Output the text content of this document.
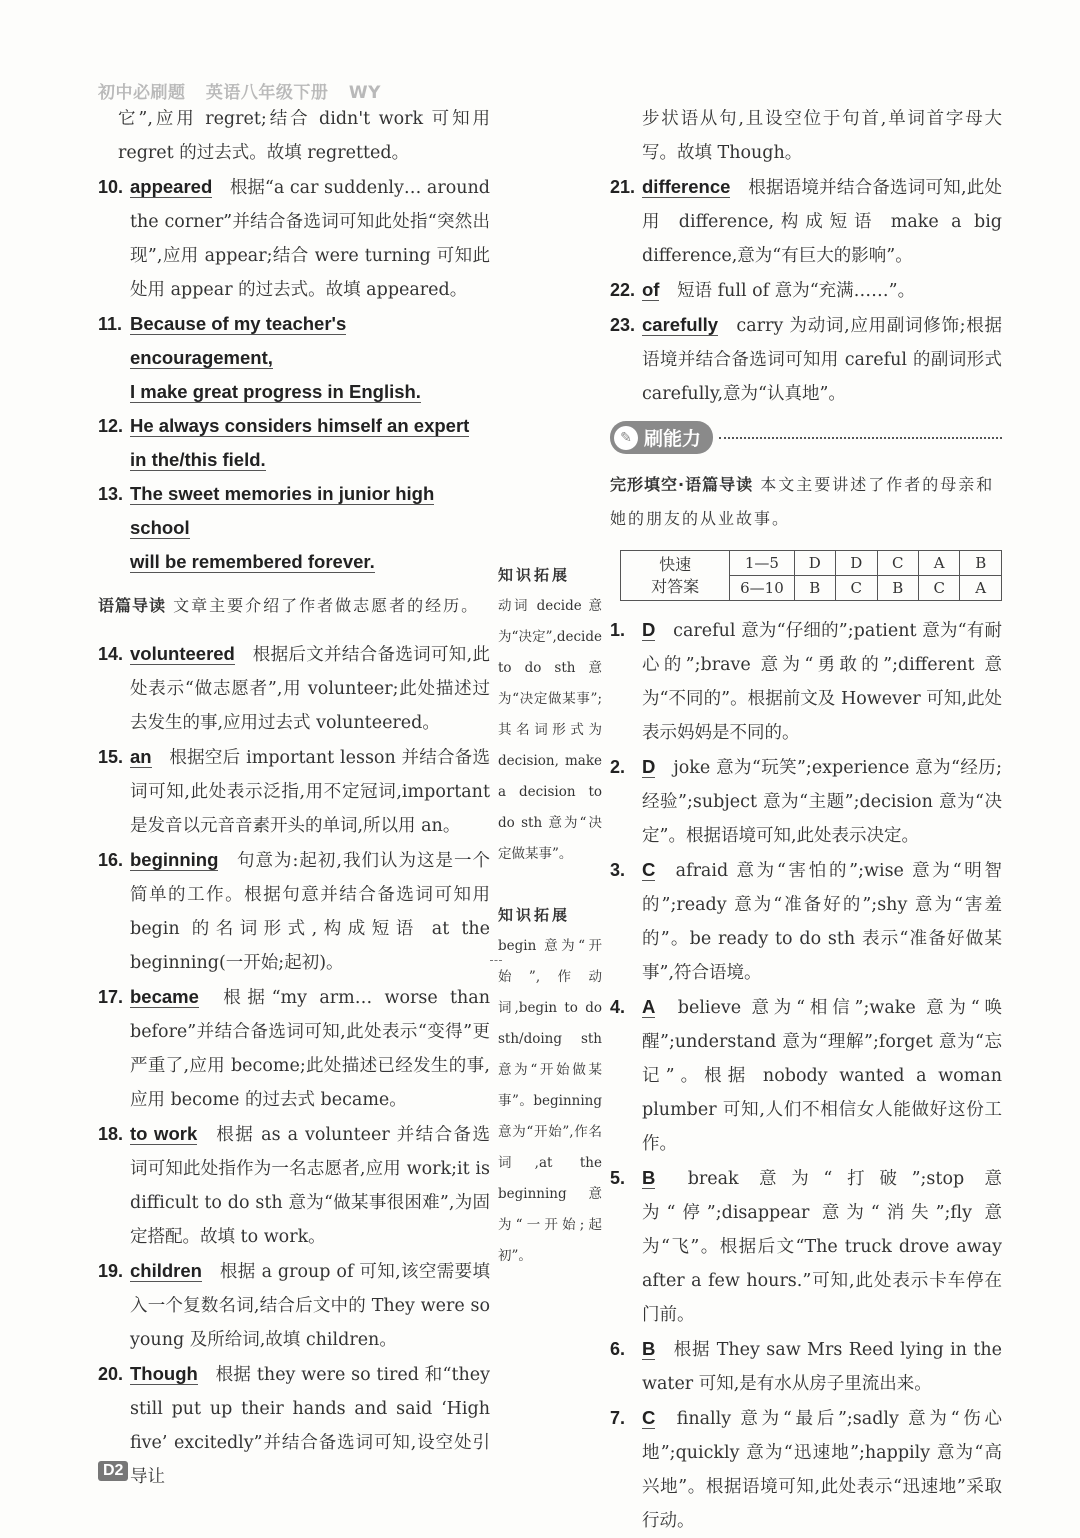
初中必刷题 英语八年级下册 WY
它”,应用 regret;结合 didn't work 可知用 regret 的过去式。故填 regretted。
10. appeared 根据“a car suddenly… around the corner”并结合备选词可知此处指“突然出现”,应用 appear;结合 were turning 可知此处用 appear 的过去式。故填 appeared。
11. Because of my teacher's encouragement,
I make great progress in English.
12. He always considers himself an expert
in the/this field.
13. The sweet memories in junior high school
will be remembered forever.
语篇导读 文章主要介绍了作者做志愿者的经历。
14. volunteered 根据后文并结合备选词可知,此处表示“做志愿者”,用 volunteer;此处描述过去发生的事,应用过去式 volunteered。
15. an 根据空后 important lesson 并结合备选词可知,此处表示泛指,用不定冠词,important 是发音以元音音素开头的单词,所以用 an。
16. beginning 句意为:起初,我们认为这是一个简单的工作。根据句意并结合备选词可知用 begin 的名词形式,构成短语 at the beginning(一开始;起初)。
17. became 根据“my arm… worse than before”并结合备选词可知,此处表示“变得”更严重了,应用 become;此处描述已经发生的事,应用 become 的过去式 became。
18. to work 根据 as a volunteer 并结合备选词可知此处指作为一名志愿者,应用 work;it is difficult to do sth 意为“做某事很困难”,为固定搭配。故填 to work。
19. children 根据 a group of 可知,该空需要填入一个复数名词,结合后文中的 They were so young 及所给词,故填 children。
20. Though 根据 they were so tired 和“they still put up their hands and said ‘High five’ excitedly”并结合备选词可知,设空处引导让
知识拓展
动词 decide 意为“决定”,decide to do sth 意为“决定做某事”;其名词形式为 decision, make a decision to do sth 意为“决定做某事”。
知识拓展
begin 意为“开始”,作动词,begin to do sth/doing sth 意为“开始做某事”。beginning 意为“开始”,作名词,at the beginning 意为“一开始;起初”。
步状语从句,且设空位于句首,单词首字母大写。故填 Though。
21. difference 根据语境并结合备选词可知,此处用 difference,构成短语 make a big difference,意为“有巨大的影响”。
22. of 短语 full of 意为“充满……”。
23. carefully carry 为动词,应用副词修饰;根据语境并结合备选词可知用 careful 的副词形式 carefully,意为“认真地”。
✎ 刷能力
完形填空·语篇导读 本文主要讲述了作者的母亲和她的朋友的从业故事。
快速
对答案	1—5	D	D	C	A	B
	6—10	B	C	B	C	A
1. D careful 意为“仔细的”;patient 意为“有耐心的”;brave 意为“勇敢的”;different 意为“不同的”。根据前文及 However 可知,此处表示妈妈是不同的。
2. D joke 意为“玩笑”;experience 意为“经历;经验”;subject 意为“主题”;decision 意为“决定”。根据语境可知,此处表示决定。
3. C afraid 意为“害怕的”;wise 意为“明智的”;ready 意为“准备好的”;shy 意为“害羞的”。be ready to do sth 表示“准备好做某事”,符合语境。
4. A believe 意为“相信”;wake 意为“唤醒”;understand 意为“理解”;forget 意为“忘记”。根据 nobody wanted a woman plumber 可知,人们不相信女人能做好这份工作。
5. B break 意为“打破”;stop 意为“停”;disappear 意为“消失”;fly 意为“飞”。根据后文“The truck drove away after a few hours.”可知,此处表示卡车停在门前。
6. B 根据 They saw Mrs Reed lying in the water 可知,是有水从房子里流出来。
7. C finally 意为“最后”;sadly 意为“伤心地”;quickly 意为“迅速地”;happily 意为“高兴地”。根据语境可知,此处表示“迅速地”采取行动。
D2
